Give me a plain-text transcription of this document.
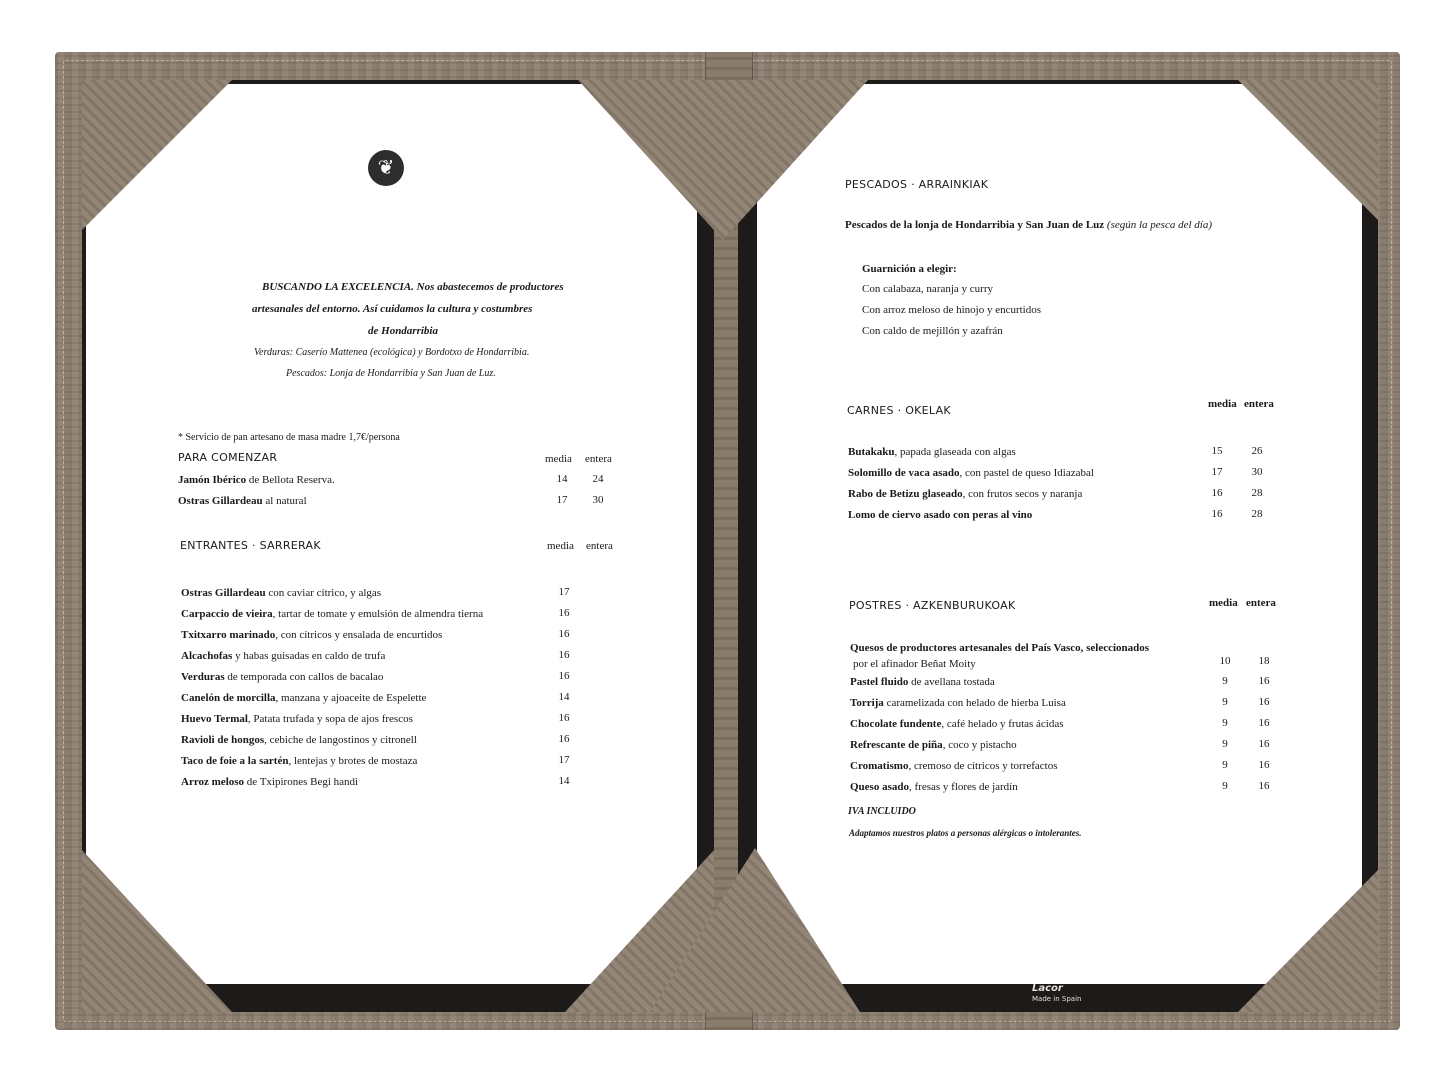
❦
BUSCANDO LA EXCELENCIA. Nos abastecemos de productores
artesanales del entorno. Así cuidamos la cultura y costumbres
de Hondarribia
Verduras: Caserío Mattenea (ecológica) y Bordotxo de Hondarribia.
Pescados: Lonja de Hondarribia y San Juan de Luz.
* Servicio de pan artesano de masa madre 1,7€/persona
PARA COMENZAR	media entera
Jamón Ibérico de Bellota Reserva.	14	24
Ostras Gillardeau al natural	17	30
ENTRANTES · SARRERAK	media entera
Ostras Gillardeau con caviar cítrico, y algas	17
Carpaccio de vieira, tartar de tomate y emulsión de almendra tierna	16
Txitxarro marinado, con cítricos y ensalada de encurtidos	16
Alcachofas y habas guisadas en caldo de trufa	16
Verduras de temporada con callos de bacalao	16
Canelón de morcilla, manzana y ajoaceite de Espelette	14
Huevo Termal, Patata trufada y sopa de ajos frescos	16
Ravioli de hongos, cebiche de langostinos y citronell	16
Taco de foie a la sartén, lentejas y brotes de mostaza	17
Arroz meloso de Txipirones Begi handi	14
PESCADOS · ARRAINKIAK
Pescados de la lonja de Hondarribia y San Juan de Luz (según la pesca del día)
Guarnición a elegir:
Con calabaza, naranja y curry
Con arroz meloso de hinojo y encurtidos
Con caldo de mejillón y azafrán
CARNES · OKELAK	media entera
Butakaku, papada glaseada con algas	15	26
Solomillo de vaca asado, con pastel de queso Idiazabal	17	30
Rabo de Betizu glaseado, con frutos secos y naranja	16	28
Lomo de ciervo asado con peras al vino	16	28
POSTRES · AZKENBURUKOAK	media entera
Quesos de productores artesanales del País Vasco, seleccionados
por el afinador Beñat Moity	10	18
Pastel fluido de avellana tostada	9	16
Torrija caramelizada con helado de hierba Luisa	9	16
Chocolate fundente, café helado y frutas ácidas	9	16
Refrescante de piña, coco y pistacho	9	16
Cromatismo, cremoso de cítricos y torrefactos	9	16
Queso asado, fresas y flores de jardín	9	16
IVA INCLUIDO
Adaptamos nuestros platos a personas alérgicas o intolerantes.
Lacor
Made in Spain
